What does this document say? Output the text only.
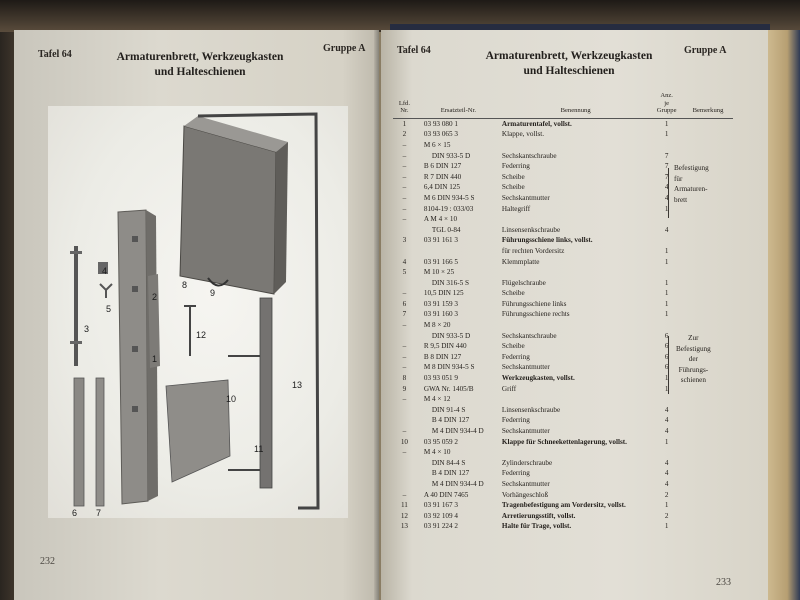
Tafel 64
Gruppe A
Armaturenbrett, Werkzeugkasten
und Halteschienen
1
2
3
4
5
6 7
8
9
10
11
12
13
232
Tafel 64	Gruppe A
Armaturenbrett, Werkzeugkasten
und Halteschienen
Lfd. Nr.	Ersatzteil-Nr.	Benennung	Anz.
je
Gruppe	Bemerkung
1	03 93 080 1	Armaturentafel, vollst.	1	
2	03 93 065 3	Klappe, vollst.	1	
–	M 6 × 15			
–	DIN 933-5 D	Sechskantschraube	7	
–	B 6 DIN 127	Federring	7	
–	R 7 DIN 440	Scheibe	7	
–	6,4 DIN 125	Scheibe	4	
–	M 6 DIN 934-5 S	Sechskantmutter	4	
–	8104-19 : 033/03	Haltegriff	1	
–	A M 4 × 10			
	TGL 0-84	Linsensenkschraube	4	
3	03 91 161 3	Führungsschiene links, vollst.		
		für rechten Vordersitz	1	
4	03 91 166 5	Klemmplatte	1	
5	M 10 × 25			
	DIN 316-5 S	Flügelschraube	1	
–	10,5 DIN 125	Scheibe	1	
6	03 91 159 3	Führungsschiene links	1	
7	03 91 160 3	Führungsschiene rechts	1	
–	M 8 × 20			
	DIN 933-5 D	Sechskantschraube	6	
–	R 9,5 DIN 440	Scheibe	6	
–	B 8 DIN 127	Federring	6	
–	M 8 DIN 934-5 S	Sechskantmutter	6	
8	03 93 051 9	Werkzeugkasten, vollst.	1	
9	GWA Nr. 1405/B	Griff	1	
–	M 4 × 12			
	DIN 91-4 S	Linsensenkschraube	4	
	B 4 DIN 127	Federring	4	
–	M 4 DIN 934-4 D	Sechskantmutter	4	
10	03 95 059 2	Klappe für Schneekettenlagerung, vollst.	1	
–	M 4 × 10			
	DIN 84-4 S	Zylinderschraube	4	
	B 4 DIN 127	Federring	4	
	M 4 DIN 934-4 D	Sechskantmutter	4	
–	A 40 DIN 7465	Vorhängeschloß	2	
11	03 91 167 3	Tragenbefestigung am Vordersitz, vollst.	1	
12	03 92 109 4	Arretierungsstift, vollst.	2	
13	03 91 224 2	Halte für Trage, vollst.	1	
Befestigung
für
Armaturen-
brett
Zur
Befestigung
der
Führungs-
schienen
233
